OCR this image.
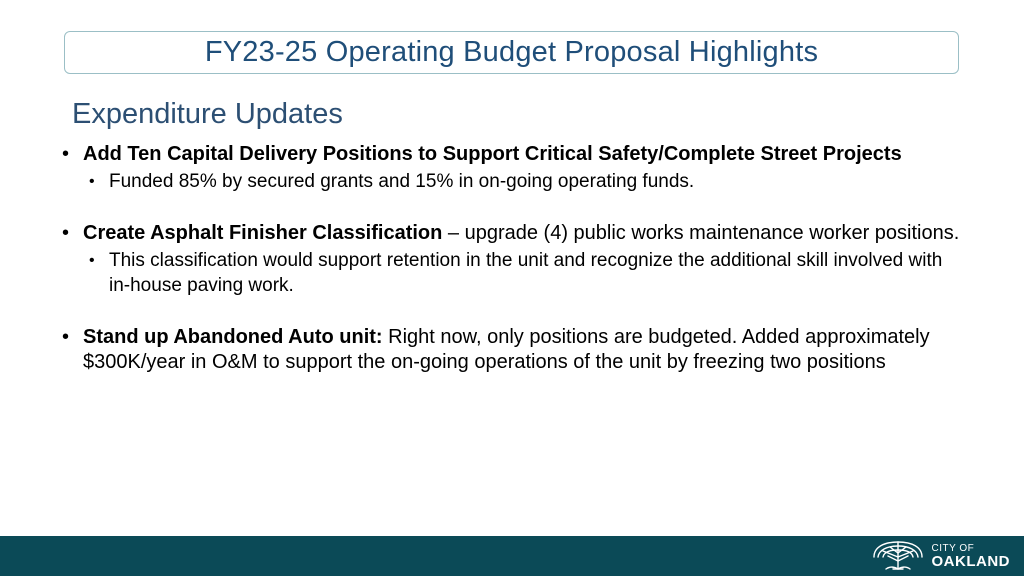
FY23-25 Operating Budget Proposal Highlights
Expenditure Updates
• Add Ten Capital Delivery Positions to Support Critical Safety/Complete Street Projects
• Funded 85% by secured grants and 15% in on-going operating funds.
• Create Asphalt Finisher Classification – upgrade (4) public works maintenance worker positions.
• This classification would support retention in the unit and recognize the additional skill involved with in-house paving work.
• Stand up Abandoned Auto unit: Right now, only positions are budgeted. Added approximately $300K/year in O&M to support the on-going operations of the unit by freezing two positions
CITY OF
OAKLAND
